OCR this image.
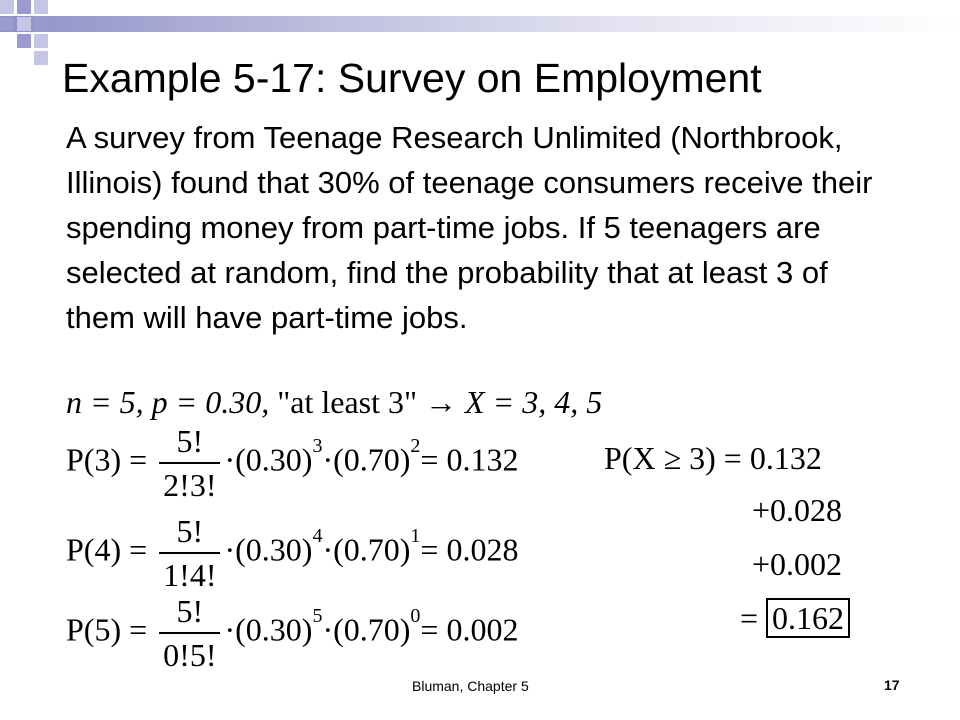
Example 5-17: Survey on Employment
A survey from Teenage Research Unlimited (Northbrook, Illinois) found that 30% of teenage consumers receive their spending money from part-time jobs. If 5 teenagers are selected at random, find the probability that at least 3 of them will have part-time jobs.
n = 5, p = 0.30, "at least 3" → X = 3, 4, 5
$P(3) = \frac{5!}{2!3!} \cdot(0.30)^3\cdot(0.70)^2= 0.132$
$P(4) = \frac{5!}{1!4!} \cdot(0.30)^4\cdot(0.70)^1= 0.028$
$P(5) = \frac{5!}{0!5!} \cdot(0.30)^5\cdot(0.70)^0= 0.002$
P(X ≥ 3) = 0.132
+0.028
+0.002
= 0.162
Bluman, Chapter 5	17
